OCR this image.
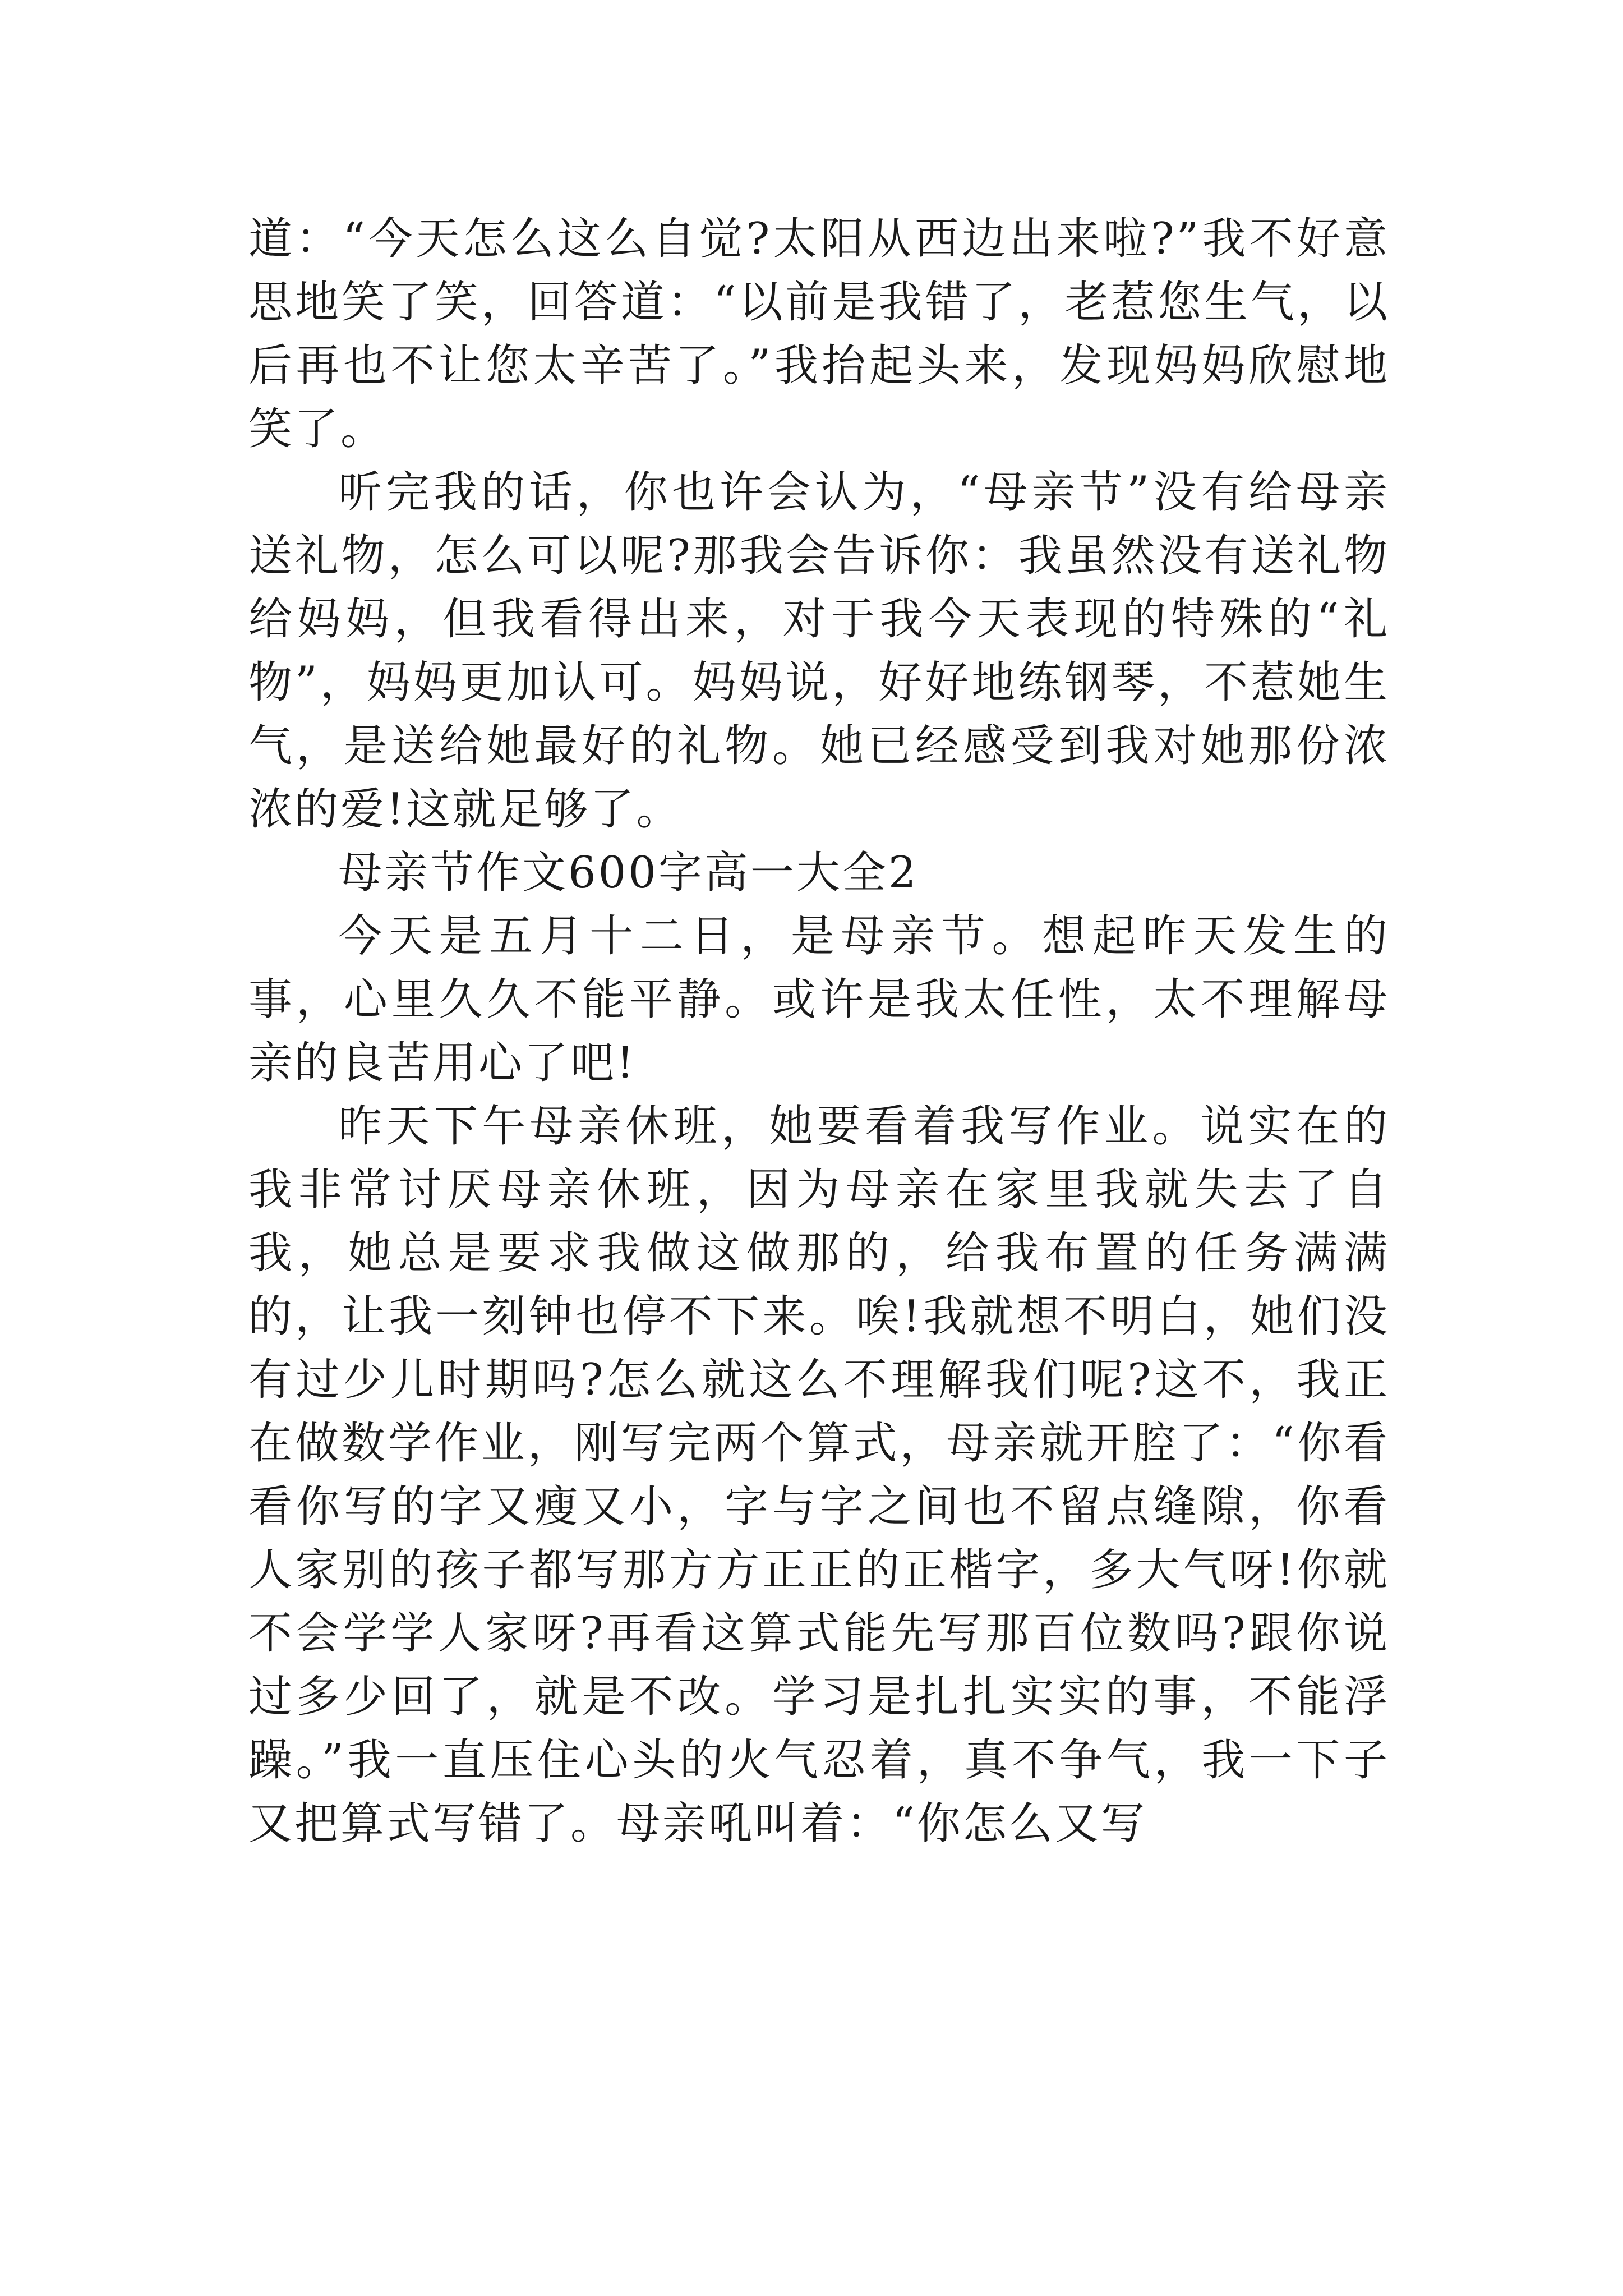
道：“今天怎么这么自觉?太阳从西边出来啦?”我不好意思地笑了笑，回答道：“以前是我错了，老惹您生气，以后再也不让您太辛苦了。”我抬起头来，发现妈妈欣慰地笑了。

听完我的话，你也许会认为，“母亲节”没有给母亲送礼物，怎么可以呢?那我会告诉你：我虽然没有送礼物给妈妈，但我看得出来，对于我今天表现的特殊的“礼物”，妈妈更加认可。妈妈说，好好地练钢琴，不惹她生气，是送给她最好的礼物。她已经感受到我对她那份浓浓的爱!这就足够了。

母亲节作文600字高一大全2

今天是五月十二日，是母亲节。想起昨天发生的事，心里久久不能平静。或许是我太任性，太不理解母亲的良苦用心了吧!

昨天下午母亲休班，她要看着我写作业。说实在的我非常讨厌母亲休班，因为母亲在家里我就失去了自我，她总是要求我做这做那的，给我布置的任务满满的，让我一刻钟也停不下来。唉!我就想不明白，她们没有过少儿时期吗?怎么就这么不理解我们呢?这不，我正在做数学作业，刚写完两个算式，母亲就开腔了：“你看看你写的字又瘦又小，字与字之间也不留点缝隙，你看人家别的孩子都写那方方正正的正楷字，多大气呀!你就不会学学人家呀?再看这算式能先写那百位数吗?跟你说过多少回了，就是不改。学习是扎扎实实的事，不能浮躁。”我一直压住心头的火气忍着，真不争气，我一下子又把算式写错了。母亲吼叫着：“你怎么又写
